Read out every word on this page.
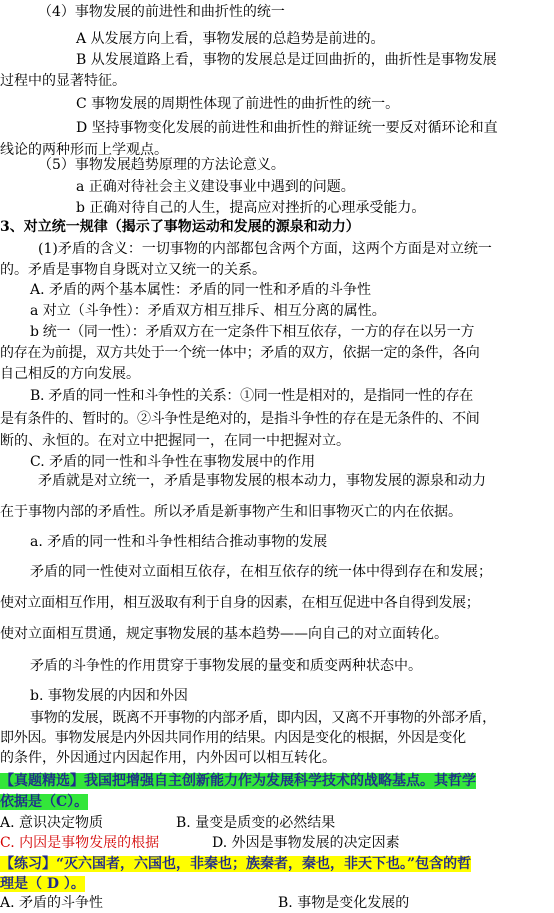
（4）事物发展的前进性和曲折性的统一
A 从发展方向上看，事物发展的总趋势是前进的。
B 从发展道路上看，事物的发展总是迂回曲折的，曲折性是事物发展
过程中的显著特征。
C 事物发展的周期性体现了前进性的曲折性的统一。
D 坚持事物变化发展的前进性和曲折性的辩证统一要反对循环论和直
线论的两种形而上学观点。
（5）事物发展趋势原理的方法论意义。
a 正确对待社会主义建设事业中遇到的问题。
b 正确对待自己的人生，提高应对挫折的心理承受能力。
3、对立统一规律（揭示了事物运动和发展的源泉和动力）
(1)矛盾的含义：一切事物的内部都包含两个方面，这两个方面是对立统一
的。矛盾是事物自身既对立又统一的关系。
A. 矛盾的两个基本属性：矛盾的同一性和矛盾的斗争性
a 对立（斗争性）：矛盾双方相互排斥、相互分离的属性。
b 统一（同一性）：矛盾双方在一定条件下相互依存，一方的存在以另一方
的存在为前提，双方共处于一个统一体中；矛盾的双方，依据一定的条件，各向
自己相反的方向发展。
B. 矛盾的同一性和斗争性的关系：①同一性是相对的，是指同一性的存在
是有条件的、暂时的。②斗争性是绝对的，是指斗争性的存在是无条件的、不间
断的、永恒的。在对立中把握同一，在同一中把握对立。
C. 矛盾的同一性和斗争性在事物发展中的作用
矛盾就是对立统一，矛盾是事物发展的根本动力，事物发展的源泉和动力
在于事物内部的矛盾性。所以矛盾是新事物产生和旧事物灭亡的内在依据。
a. 矛盾的同一性和斗争性相结合推动事物的发展
矛盾的同一性使对立面相互依存，在相互依存的统一体中得到存在和发展；
使对立面相互作用，相互汲取有利于自身的因素，在相互促进中各自得到发展；
使对立面相互贯通，规定事物发展的基本趋势——向自己的对立面转化。
矛盾的斗争性的作用贯穿于事物发展的量变和质变两种状态中。
b. 事物发展的内因和外因
事物的发展，既离不开事物的内部矛盾，即内因，又离不开事物的外部矛盾，
即外因。事物发展是内外因共同作用的结果。内因是变化的根据，外因是变化
的条件，外因通过内因起作用，内外因可以相互转化。
【真题精选】我国把增强自主创新能力作为发展科学技术的战略基点。其哲学
依据是（C）。
A. 意识决定物质	B. 量变是质变的必然结果
C. 内因是事物发展的根据	D. 外因是事物发展的决定因素
【练习】“灭六国者，六国也，非秦也；族秦者，秦也，非天下也。”包含的哲
理是（ D ）。
A. 矛盾的斗争性	B. 事物是变化发展的
